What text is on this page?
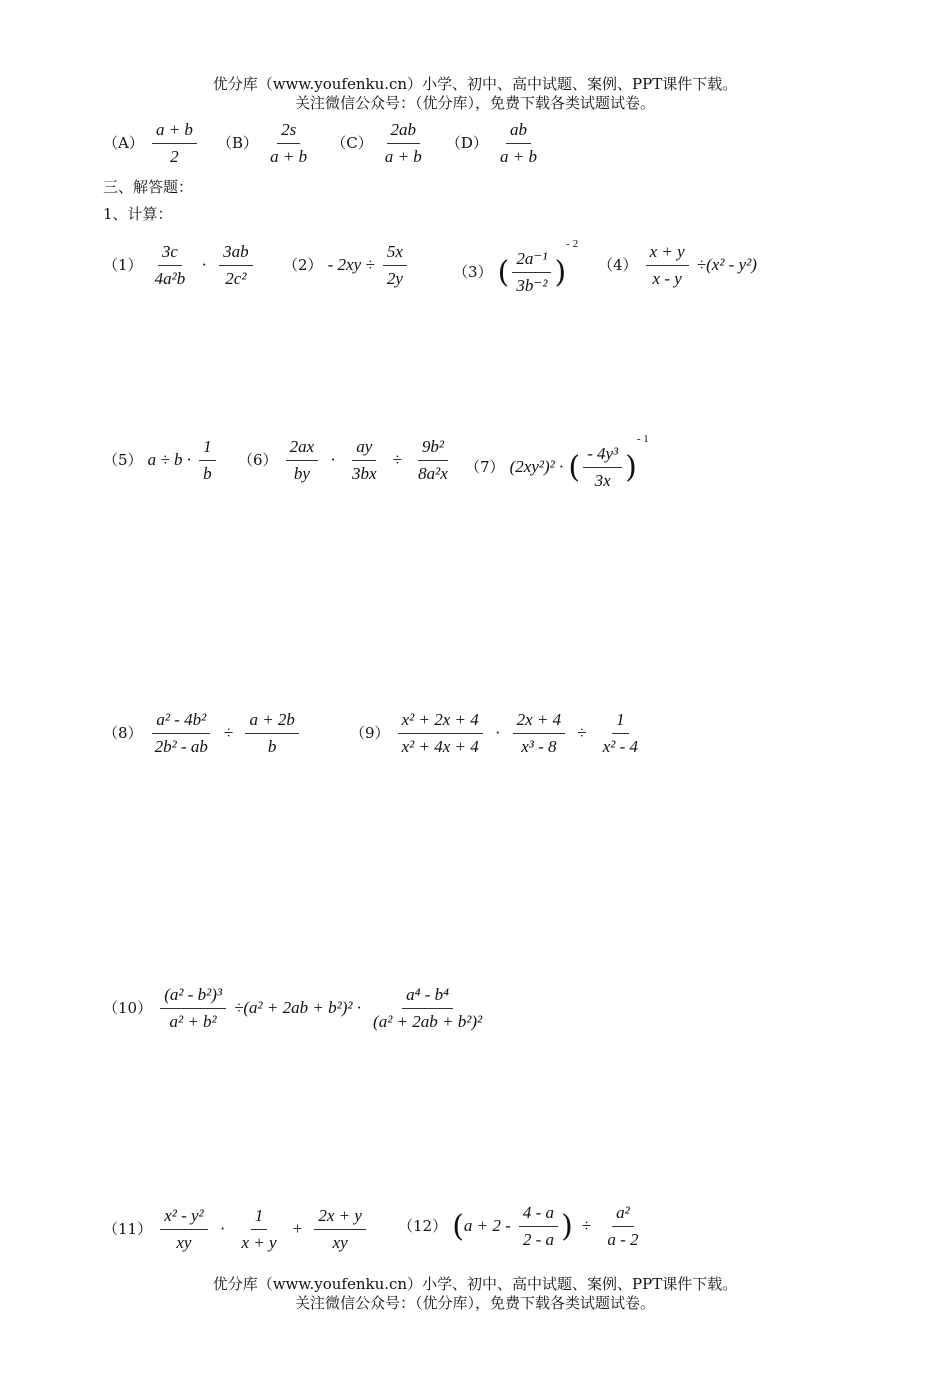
优分库（www.youfenku.cn）小学、初中、高中试题、案例、PPT课件下载。
关注微信公众号：（优分库），免费下载各类试题试卷。
$(A) \frac{a + b}{2} (B) \frac{2s}{a + b} (C) \frac{2ab}{a + b} (D) \frac{ab}{a + b}$
三、解答题：
1、计算：
$(1) \frac{3c}{\text{4a²b}} \cdot \frac{3ab}{\text{2c²}} (2) - 2xy \div \frac{5x}{2y}$	（3） ( $\frac{\text{2a⁻¹}}{\text{3b⁻²}} )^{- 2}$
$(4) \frac{x + y}{x - y} \div(x^2 - y^2)$
（5） $a \div b \cdot \frac{1}{b} (6) \frac{2ax}{by} \cdot \frac{ay}{3bx} \div \frac{\text{9b²}}{\text{8a²x}} (7) (2xy^2)^2$ · ( $\frac{\text{- 4y³}}{3x} )^{- 1}$
$(8) \frac{\text{a² - 4b²}}{\text{2b² - ab}} \div \frac{a + 2b}{b}$	$(9) \frac{\text{x² + 2x + 4}}{\text{x² + 4x + 4}} \cdot \frac{2x + 4}{\text{x³ - 8}} \div \frac{1}{\text{x² - 4}}$
$(10) \frac{\text{(a² - b²)³}}{\text{a² + b²}} \div(a^2 + 2ab + b^2)^2 \cdot \frac{\text{a⁴ - b⁴}}{\text{(a² + 2ab + b²)²}}$
$(11) \frac{\text{x² - y²}}{xy} \cdot \frac{1}{x + y} + \frac{2x + y}{xy} (12) (a + 2 - \frac{4 - a}{2 - a}$ ) ÷ $\frac{\text{a²}}{a - 2}$
优分库（www.youfenku.cn）小学、初中、高中试题、案例、PPT课件下载。
关注微信公众号：（优分库），免费下载各类试题试卷。
